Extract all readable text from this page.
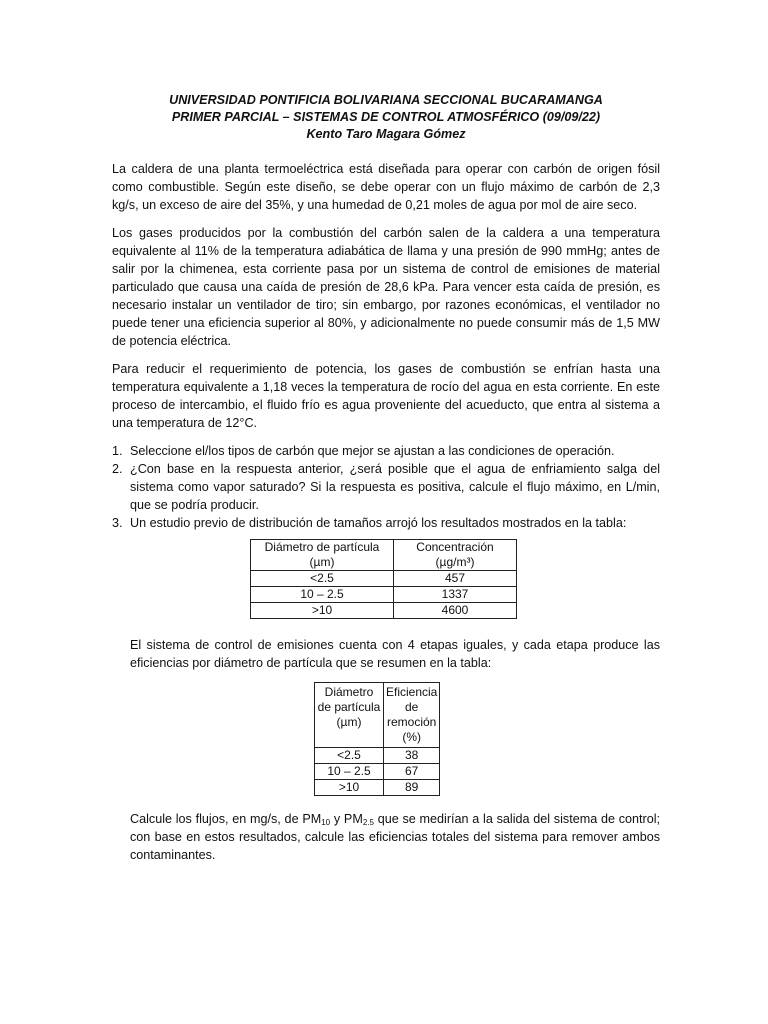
UNIVERSIDAD PONTIFICIA BOLIVARIANA SECCIONAL BUCARAMANGA
PRIMER PARCIAL – SISTEMAS DE CONTROL ATMOSFÉRICO (09/09/22)
Kento Taro Magara Gómez

La caldera de una planta termoeléctrica está diseñada para operar con carbón de origen fósil como combustible. Según este diseño, se debe operar con un flujo máximo de carbón de 2,3 kg/s, un exceso de aire del 35%, y una humedad de 0,21 moles de agua por mol de aire seco.

Los gases producidos por la combustión del carbón salen de la caldera a una temperatura equivalente al 11% de la temperatura adiabática de llama y una presión de 990 mmHg; antes de salir por la chimenea, esta corriente pasa por un sistema de control de emisiones de material particulado que causa una caída de presión de 28,6 kPa. Para vencer esta caída de presión, es necesario instalar un ventilador de tiro; sin embargo, por razones económicas, el ventilador no puede tener una eficiencia superior al 80%, y adicionalmente no puede consumir más de 1,5 MW de potencia eléctrica.

Para reducir el requerimiento de potencia, los gases de combustión se enfrían hasta una temperatura equivalente a 1,18 veces la temperatura de rocío del agua en esta corriente. En este proceso de intercambio, el fluido frío es agua proveniente del acueducto, que entra al sistema a una temperatura de 12°C.

1. Seleccione el/los tipos de carbón que mejor se ajustan a las condiciones de operación.
2. ¿Con base en la respuesta anterior, ¿será posible que el agua de enfriamiento salga del sistema como vapor saturado? Si la respuesta es positiva, calcule el flujo máximo, en L/min, que se podría producir.
3. Un estudio previo de distribución de tamaños arrojó los resultados mostrados en la tabla:
Diámetro de partícula (µm)	Concentración (µg/m³)
<2.5	457
10 – 2.5	1337
>10	4600

El sistema de control de emisiones cuenta con 4 etapas iguales, y cada etapa produce las eficiencias por diámetro de partícula que se resumen en la tabla:

Diámetro de partícula (µm)	Eficiencia de remoción (%)
<2.5	38
10 – 2.5	67
>10	89

Calcule los flujos, en mg/s, de $PM_{10}$ y $PM_{2.5}$ que se medirían a la salida del sistema de control; con base en estos resultados, calcule las eficiencias totales del sistema para remover ambos contaminantes.
